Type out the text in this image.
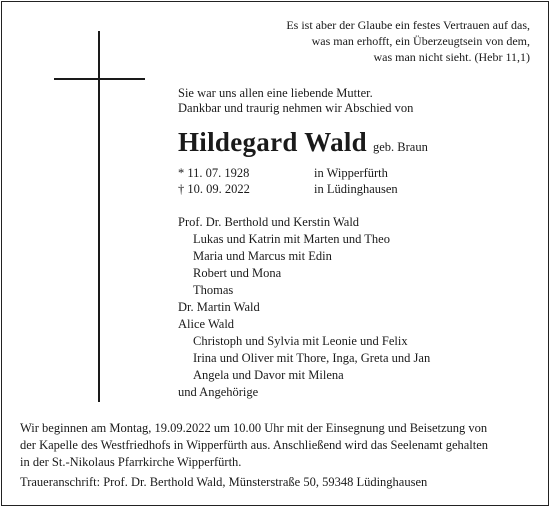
Es ist aber der Glaube ein festes Vertrauen auf das,
was man erhofft, ein Überzeugtsein von dem,
was man nicht sieht. (Hebr 11,1)
Sie war uns allen eine liebende Mutter.
Dankbar und traurig nehmen wir Abschied von
Hildegard Wald geb. Braun
* 11. 07. 1928	in Wipperfürth
† 10. 09. 2022	in Lüdinghausen
Prof. Dr. Berthold und Kerstin Wald
Lukas und Katrin mit Marten und Theo
Maria und Marcus mit Edin
Robert und Mona
Thomas
Dr. Martin Wald
Alice Wald
Christoph und Sylvia mit Leonie und Felix
Irina und Oliver mit Thore, Inga, Greta und Jan
Angela und Davor mit Milena
und Angehörige
Wir beginnen am Montag, 19.09.2022 um 10.00 Uhr mit der Einsegnung und Beisetzung von
der Kapelle des Westfriedhofs in Wipperfürth aus. Anschließend wird das Seelenamt gehalten
in der St.-Nikolaus Pfarrkirche Wipperfürth.
Traueranschrift: Prof. Dr. Berthold Wald, Münsterstraße 50, 59348 Lüdinghausen
